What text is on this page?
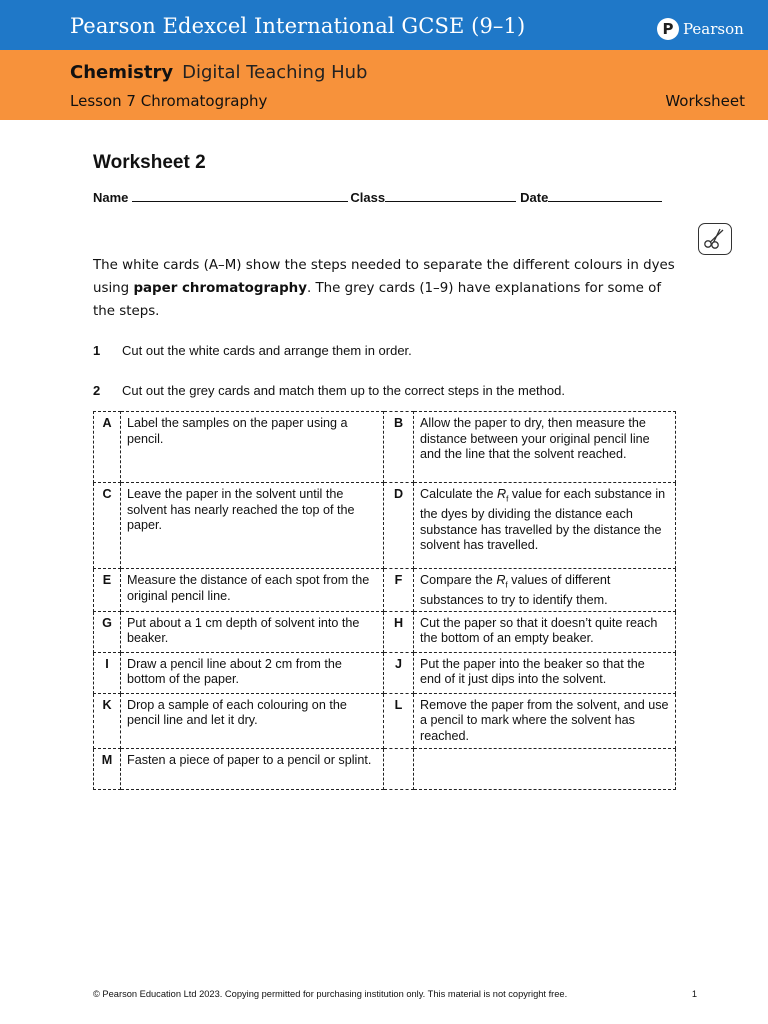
Pearson Edexcel International GCSE (9–1)	P Pearson
Chemistry Digital Teaching Hub
Lesson 7 Chromatography	Worksheet
Worksheet 2
Name	Class	Date
The white cards (A–M) show the steps needed to separate the different colours in dyes using paper chromatography. The grey cards (1–9) have explanations for some of the steps.
1	Cut out the white cards and arrange them in order.
2	Cut out the grey cards and match them up to the correct steps in the method.
A	Label the samples on the paper using a pencil.	B	Allow the paper to dry, then measure the distance between your original pencil line and the line that the solvent reached.
C	Leave the paper in the solvent until the solvent has nearly reached the top of the paper.	D	Calculate the $R_f$ value for each substance in the dyes by dividing the distance each substance has travelled by the distance the solvent has travelled.
E	Measure the distance of each spot from the original pencil line.	F	Compare the $R_f$ values of different substances to try to identify them.
G	Put about a 1 cm depth of solvent into the beaker.	H	Cut the paper so that it doesn’t quite reach the bottom of an empty beaker.
I	Draw a pencil line about 2 cm from the bottom of the paper.	J	Put the paper into the beaker so that the end of it just dips into the solvent.
K	Drop a sample of each colouring on the pencil line and let it dry.	L	Remove the paper from the solvent, and use a pencil to mark where the solvent has reached.
M	Fasten a piece of paper to a pencil or splint.		
© Pearson Education Ltd 2023. Copying permitted for purchasing institution only. This material is not copyright free.	1
